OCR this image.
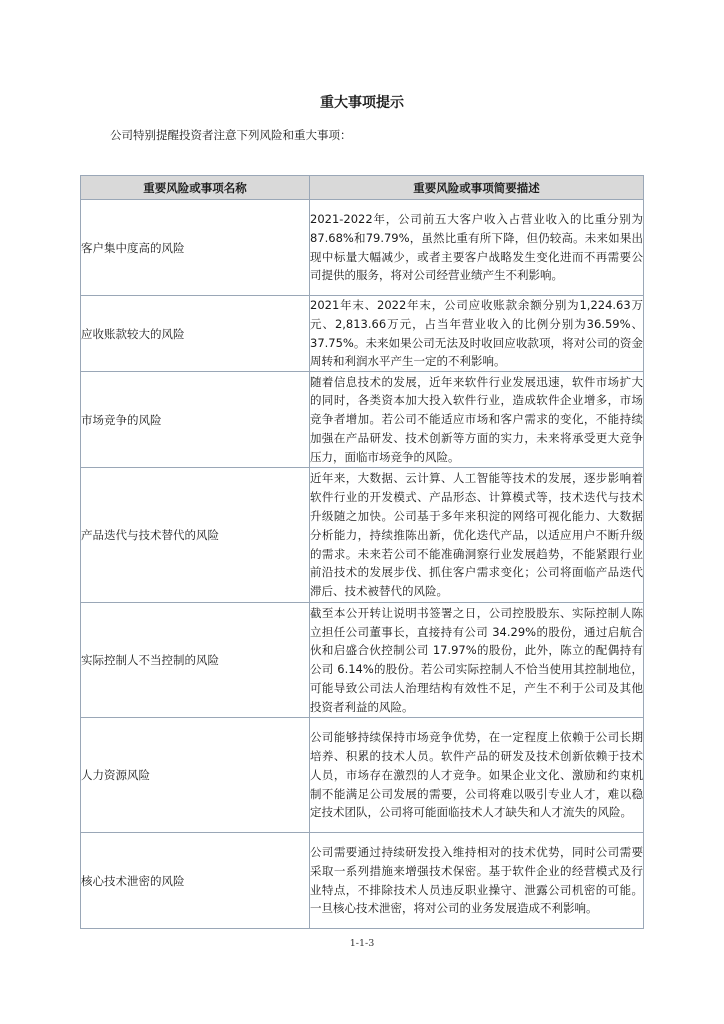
重大事项提示
公司特别提醒投资者注意下列风险和重大事项：
重要风险或事项名称	重要风险或事项简要描述
客户集中度高的风险	2021-2022年，公司前五大客户收入占营业收入的比重分别为87.68%和79.79%，虽然比重有所下降，但仍较高。未来如果出现中标量大幅减少，或者主要客户战略发生变化进而不再需要公司提供的服务，将对公司经营业绩产生不利影响。
应收账款较大的风险	2021年末、2022年末，公司应收账款余额分别为1,224.63万元、2,813.66万元，占当年营业收入的比例分别为36.59%、37.75%。未来如果公司无法及时收回应收款项，将对公司的资金周转和利润水平产生一定的不利影响。
市场竞争的风险	随着信息技术的发展，近年来软件行业发展迅速，软件市场扩大的同时，各类资本加大投入软件行业，造成软件企业增多，市场竞争者增加。若公司不能适应市场和客户需求的变化，不能持续加强在产品研发、技术创新等方面的实力，未来将承受更大竞争压力，面临市场竞争的风险。
产品迭代与技术替代的风险	近年来，大数据、云计算、人工智能等技术的发展，逐步影响着软件行业的开发模式、产品形态、计算模式等，技术迭代与技术升级随之加快。公司基于多年来积淀的网络可视化能力、大数据分析能力，持续推陈出新，优化迭代产品，以适应用户不断升级的需求。未来若公司不能准确洞察行业发展趋势，不能紧跟行业前沿技术的发展步伐、抓住客户需求变化；公司将面临产品迭代滞后、技术被替代的风险。
实际控制人不当控制的风险	截至本公开转让说明书签署之日，公司控股股东、实际控制人陈立担任公司董事长，直接持有公司 34.29%的股份，通过启航合伙和启盛合伙控制公司 17.97%的股份，此外，陈立的配偶持有公司 6.14%的股份。若公司实际控制人不恰当使用其控制地位，可能导致公司法人治理结构有效性不足，产生不利于公司及其他投资者利益的风险。
人力资源风险	公司能够持续保持市场竞争优势，在一定程度上依赖于公司长期培养、积累的技术人员。软件产品的研发及技术创新依赖于技术人员，市场存在激烈的人才竞争。如果企业文化、激励和约束机制不能满足公司发展的需要，公司将难以吸引专业人才，难以稳定技术团队，公司将可能面临技术人才缺失和人才流失的风险。
核心技术泄密的风险	公司需要通过持续研发投入维持相对的技术优势，同时公司需要采取一系列措施来增强技术保密。基于软件企业的经营模式及行业特点，不排除技术人员违反职业操守、泄露公司机密的可能。一旦核心技术泄密，将对公司的业务发展造成不利影响。
1-1-3
